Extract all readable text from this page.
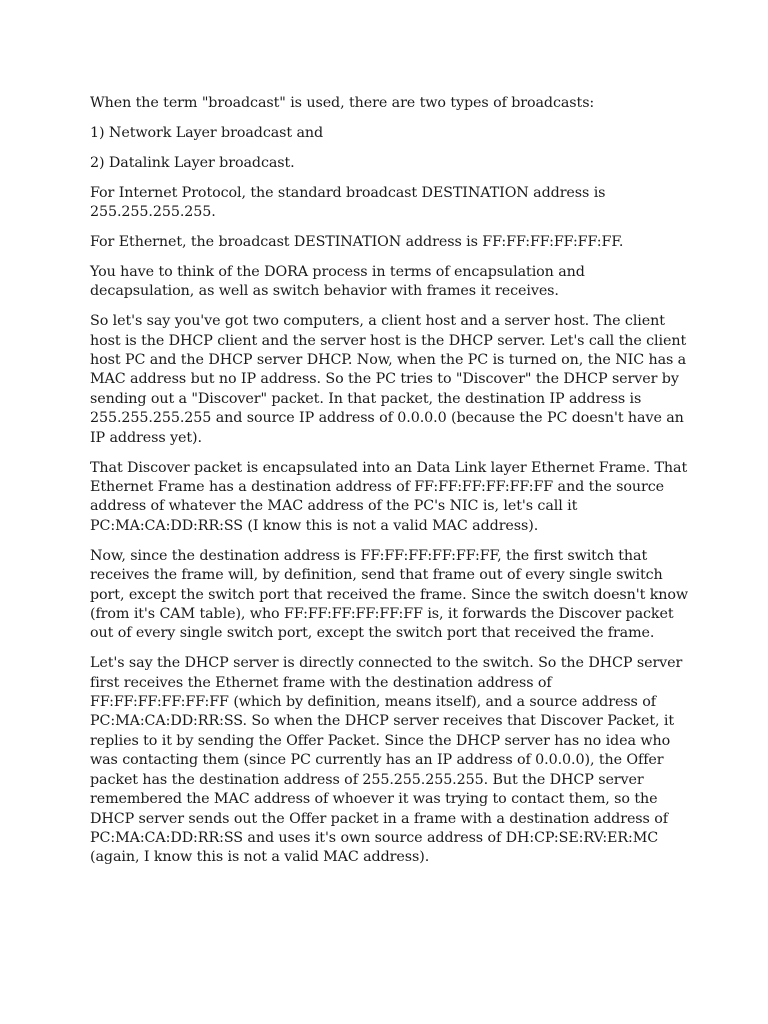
When the term "broadcast" is used, there are two types of broadcasts:

1) Network Layer broadcast and

2) Datalink Layer broadcast.

For Internet Protocol, the standard broadcast DESTINATION address is 255.255.255.255.

For Ethernet, the broadcast DESTINATION address is FF:FF:FF:FF:FF:FF.

You have to think of the DORA process in terms of encapsulation and decapsulation, as well as switch behavior with frames it receives.

So let's say you've got two computers, a client host and a server host. The client host is the DHCP client and the server host is the DHCP server. Let's call the client host PC and the DHCP server DHCP. Now, when the PC is turned on, the NIC has a MAC address but no IP address. So the PC tries to "Discover" the DHCP server by sending out a "Discover" packet. In that packet, the destination IP address is 255.255.255.255 and source IP address of 0.0.0.0 (because the PC doesn't have an IP address yet).

That Discover packet is encapsulated into an Data Link layer Ethernet Frame. That Ethernet Frame has a destination address of FF:FF:FF:FF:FF:FF and the source address of whatever the MAC address of the PC's NIC is, let's call it PC:MA:CA:DD:RR:SS (I know this is not a valid MAC address).

Now, since the destination address is FF:FF:FF:FF:FF:FF, the first switch that receives the frame will, by definition, send that frame out of every single switch port, except the switch port that received the frame. Since the switch doesn't know (from it's CAM table), who FF:FF:FF:FF:FF:FF is, it forwards the Discover packet out of every single switch port, except the switch port that received the frame.

Let's say the DHCP server is directly connected to the switch. So the DHCP server first receives the Ethernet frame with the destination address of FF:FF:FF:FF:FF:FF (which by definition, means itself), and a source address of PC:MA:CA:DD:RR:SS. So when the DHCP server receives that Discover Packet, it replies to it by sending the Offer Packet. Since the DHCP server has no idea who was contacting them (since PC currently has an IP address of 0.0.0.0), the Offer packet has the destination address of 255.255.255.255. But the DHCP server remembered the MAC address of whoever it was trying to contact them, so the DHCP server sends out the Offer packet in a frame with a destination address of PC:MA:CA:DD:RR:SS and uses it's own source address of DH:CP:SE:RV:ER:MC (again, I know this is not a valid MAC address).
